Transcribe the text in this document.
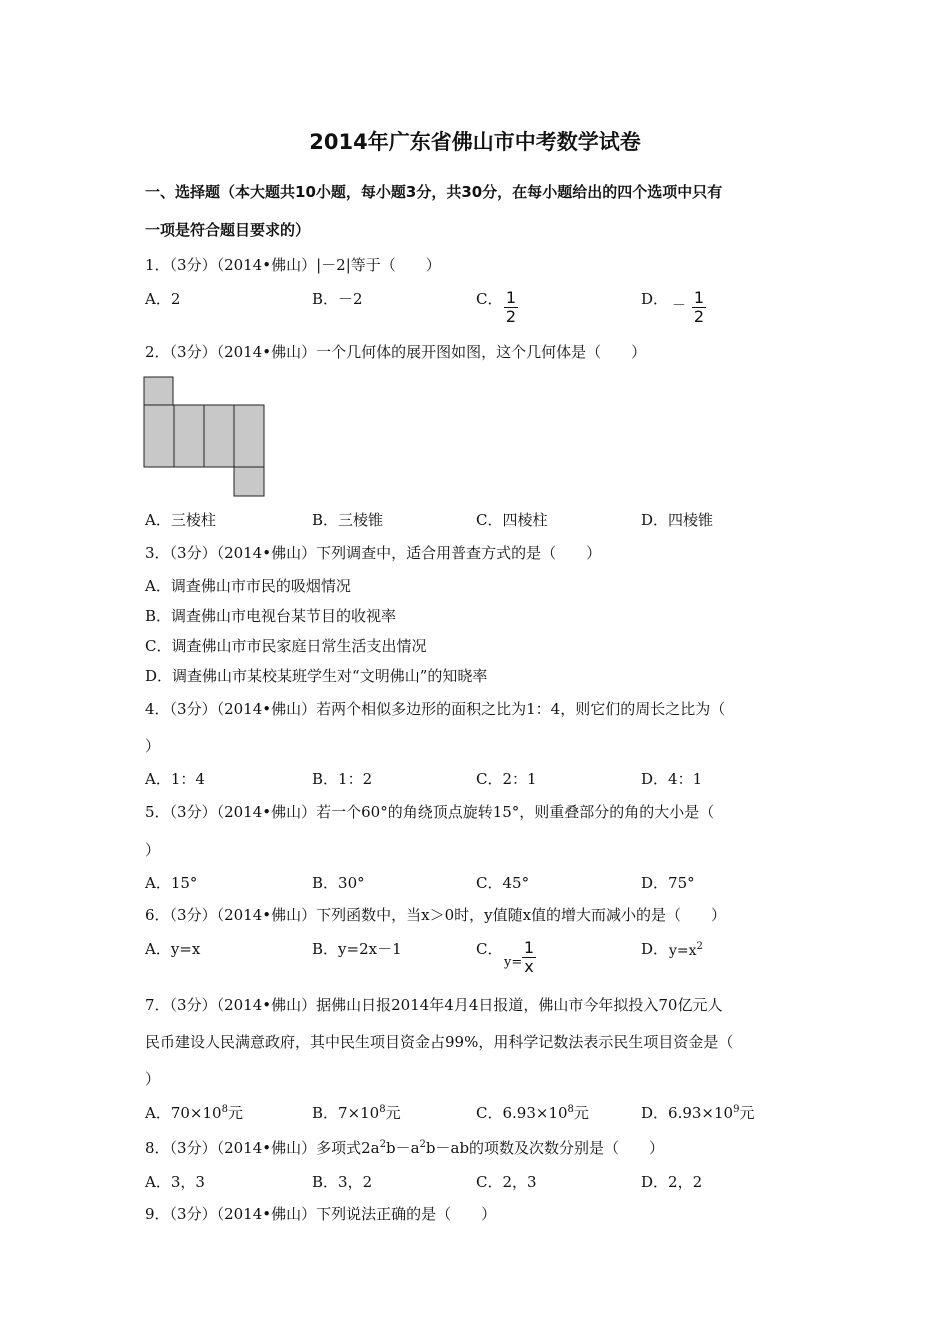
2014年广东省佛山市中考数学试卷
一、选择题（本大题共10小题，每小题3分，共30分，在每小题给出的四个选项中只有
一项是符合题目要求的）
1．（3分）（2014•佛山）|－2|等于（　　）
A．2	B．－2	C． $\frac{1}{2}$	D． － $\frac{1}{2}$
2．（3分）（2014•佛山）一个几何体的展开图如图，这个几何体是（　　）
A．三棱柱	B．三棱锥	C．四棱柱	D．四棱锥
3．（3分）（2014•佛山）下列调查中，适合用普查方式的是（　　）
A．调查佛山市市民的吸烟情况
B．调查佛山市电视台某节目的收视率
C．调查佛山市市民家庭日常生活支出情况
D．调查佛山市某校某班学生对“文明佛山”的知晓率
4．（3分）（2014•佛山）若两个相似多边形的面积之比为1：4，则它们的周长之比为（
）
A．1：4	B．1：2	C．2：1	D．4：1
5．（3分）（2014•佛山）若一个60°的角绕顶点旋转15°，则重叠部分的角的大小是（
）
A．15°	B．30°	C．45°	D．75°
6．（3分）（2014•佛山）下列函数中，当x＞0时，y值随x值的增大而减小的是（　　）
A．y=x	B．y=2x－1	C．
$y= \frac{1}{x}$	D． $y=x^2$
7．（3分）（2014•佛山）据佛山日报2014年4月4日报道，佛山市今年拟投入70亿元人
民币建设人民满意政府，其中民生项目资金占99%，用科学记数法表示民生项目资金是（
）
A．$70\times 10^8$元	B．$7\times 10^8$元	C．$6.93\times 10^8$元	D．$6.93\times 10^9$元
8．（3分）（2014•佛山）多项式$2a^2b-a^2b-ab$的项数及次数分别是（　　）
A．3，3	B．3，2	C．2，3	D．2，2
9．（3分）（2014•佛山）下列说法正确的是（　　）
